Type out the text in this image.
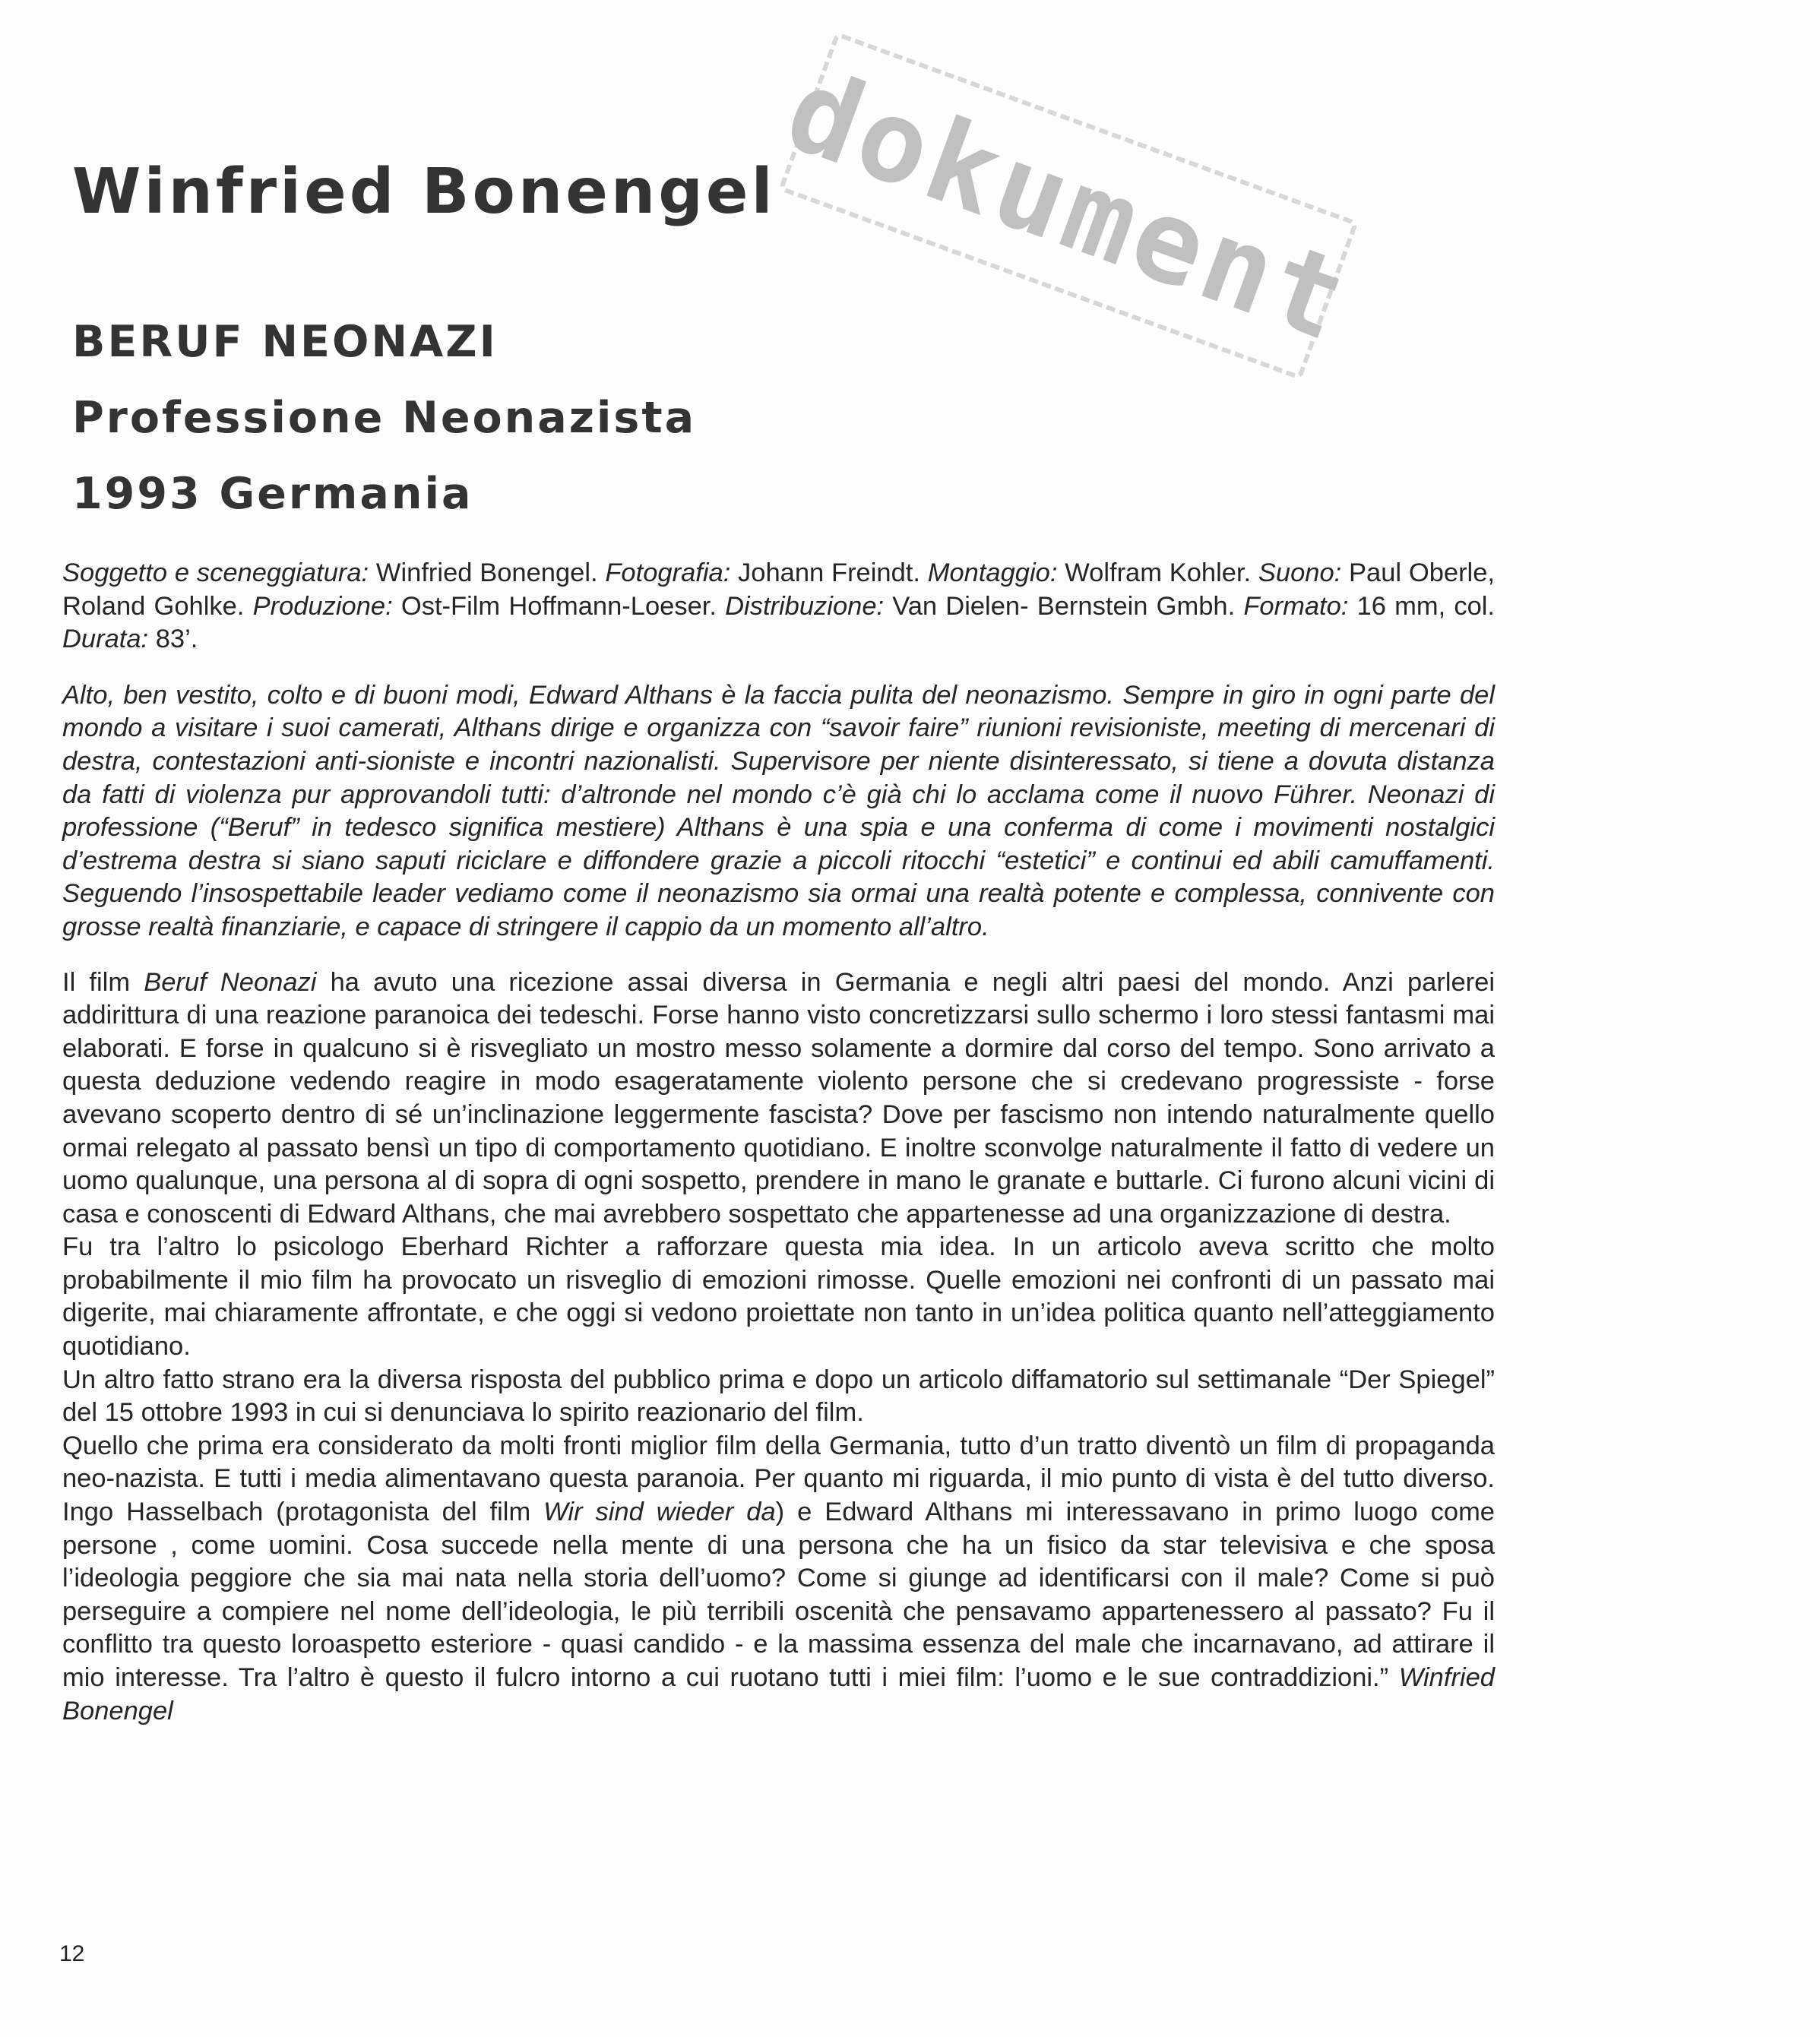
Winfried Bonengel
dokument
BERUF NEONAZI
Professione Neonazista
1993 Germania

Soggetto e sceneggiatura: Winfried Bonengel. Fotografia: Johann Freindt. Montaggio: Wolfram Kohler. Suono: Paul Oberle, Roland Gohlke. Produzione: Ost-Film Hoffmann-Loeser. Distribuzione: Van Dielen- Bernstein Gmbh. Formato: 16 mm, col. Durata: 83’.

Alto, ben vestito, colto e di buoni modi, Edward Althans è la faccia pulita del neonazismo. Sempre in giro in ogni parte del mondo a visitare i suoi camerati, Althans dirige e organizza con “savoir faire” riunioni revisioniste, meeting di mercenari di destra, contestazioni anti-sioniste e incontri nazionalisti. Supervisore per niente disinteressato, si tiene a dovuta distanza da fatti di violenza pur approvandoli tutti: d’altronde nel mondo c’è già chi lo acclama come il nuovo Führer. Neonazi di professione (“Beruf” in tedesco significa mestiere) Althans è una spia e una conferma di come i movimenti nostalgici d’estrema destra si siano saputi riciclare e diffondere grazie a piccoli ritocchi “estetici” e continui ed abili camuffamenti. Seguendo l’insospettabile leader vediamo come il neonazismo sia ormai una realtà potente e complessa, connivente con grosse realtà finanziarie, e capace di stringere il cappio da un momento all’altro.

Il film Beruf Neonazi ha avuto una ricezione assai diversa in Germania e negli altri paesi del mondo. Anzi parlerei addirittura di una reazione paranoica dei tedeschi. Forse hanno visto concretizzarsi sullo schermo i loro stessi fantasmi mai elaborati. E forse in qualcuno si è risvegliato un mostro messo solamente a dormire dal corso del tempo. Sono arrivato a questa deduzione vedendo reagire in modo esageratamente violento persone che si credevano progressiste - forse avevano scoperto dentro di sé un’inclinazione leggermente fascista? Dove per fascismo non intendo naturalmente quello ormai relegato al passato bensì un tipo di comportamento quotidiano. E inoltre sconvolge naturalmente il fatto di vedere un uomo qualunque, una persona al di sopra di ogni sospetto, prendere in mano le granate e buttarle. Ci furono alcuni vicini di casa e conoscenti di Edward Althans, che mai avrebbero sospettato che appartenesse ad una organizzazione di destra.

Fu tra l’altro lo psicologo Eberhard Richter a rafforzare questa mia idea. In un articolo aveva scritto che molto probabilmente il mio film ha provocato un risveglio di emozioni rimosse. Quelle emozioni nei confronti di un passato mai digerite, mai chiaramente affrontate, e che oggi si vedono proiettate non tanto in un’idea politica quanto nell’atteggiamento quotidiano.

Un altro fatto strano era la diversa risposta del pubblico prima e dopo un articolo diffamatorio sul settimanale “Der Spiegel” del 15 ottobre 1993 in cui si denunciava lo spirito reazionario del film.

Quello che prima era considerato da molti fronti miglior film della Germania, tutto d’un tratto diventò un film di propaganda neo-nazista. E tutti i media alimentavano questa paranoia. Per quanto mi riguarda, il mio punto di vista è del tutto diverso. Ingo Hasselbach (protagonista del film Wir sind wieder da) e Edward Althans mi interessavano in primo luogo come persone , come uomini. Cosa succede nella mente di una persona che ha un fisico da star televisiva e che sposa l’ideologia peggiore che sia mai nata nella storia dell’uomo? Come si giunge ad identificarsi con il male? Come si può perseguire a compiere nel nome dell’ideologia, le più terribili oscenità che pensavamo appartenessero al passato? Fu il conflitto tra questo loroaspetto esteriore - quasi candido - e la massima essenza del male che incarnavano, ad attirare il mio interesse. Tra l’altro è questo il fulcro intorno a cui ruotano tutti i miei film: l’uomo e le sue contraddizioni.” Winfried Bonengel

12
